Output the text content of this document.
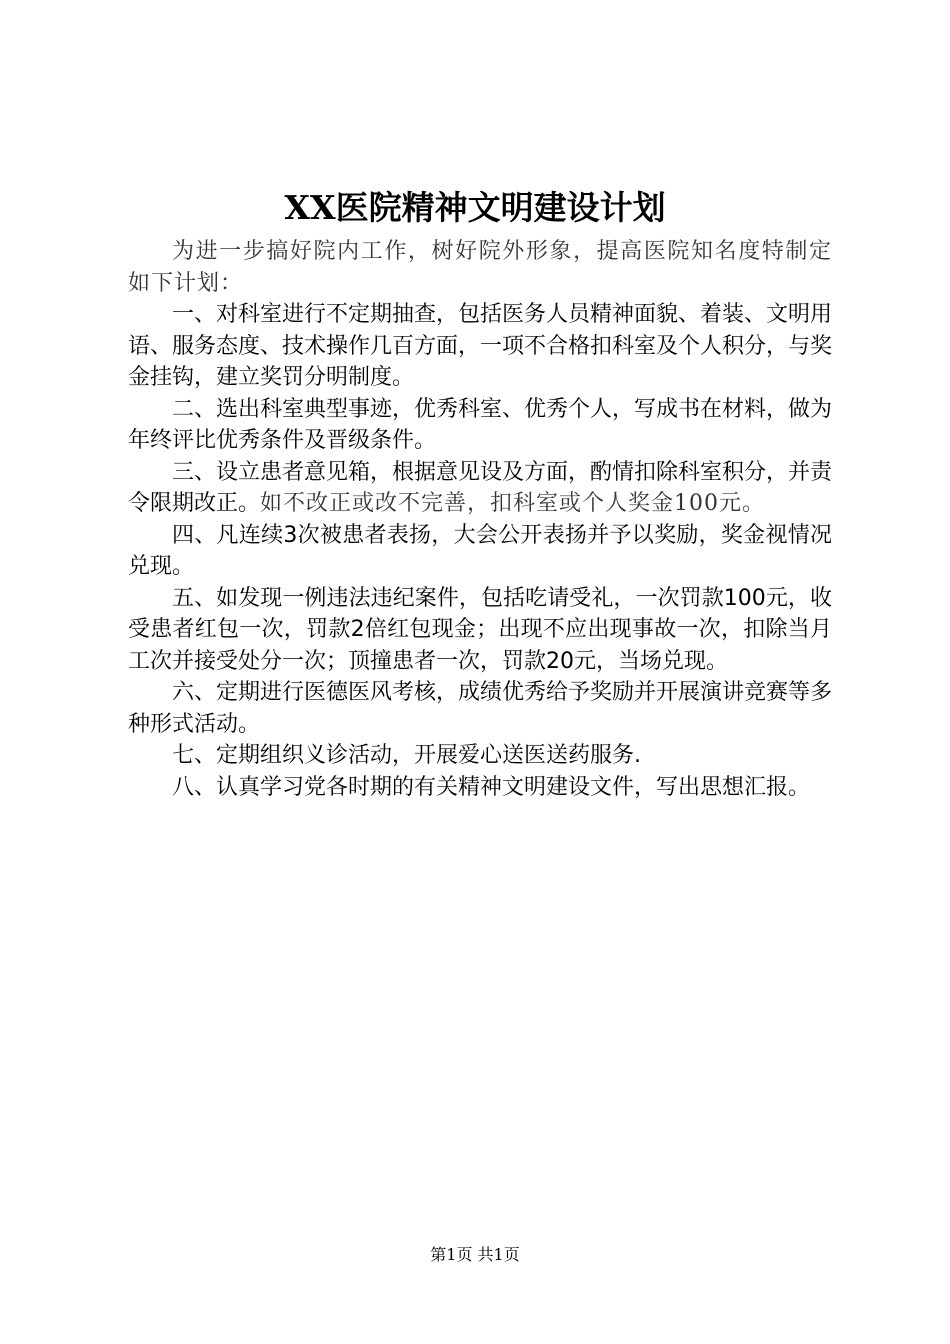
XX医院精神文明建设计划

为进一步搞好院内工作，树好院外形象，提高医院知名度特制定如下计划：

一、对科室进行不定期抽查，包括医务人员精神面貌、着装、文明用语、服务态度、技术操作几百方面，一项不合格扣科室及个人积分，与奖金挂钩，建立奖罚分明制度。

二、选出科室典型事迹，优秀科室、优秀个人，写成书在材料，做为年终评比优秀条件及晋级条件。

三、设立患者意见箱，根据意见设及方面，酌情扣除科室积分，并责令限期改正。如不改正或改不完善，扣科室或个人奖金100元。

四、凡连续3次被患者表扬，大会公开表扬并予以奖励，奖金视情况兑现。

五、如发现一例违法违纪案件，包括吃请受礼，一次罚款100元，收受患者红包一次，罚款2倍红包现金；出现不应出现事故一次，扣除当月工次并接受处分一次；顶撞患者一次，罚款20元，当场兑现。

六、定期进行医德医风考核，成绩优秀给予奖励并开展演讲竞赛等多种形式活动。

七、定期组织义诊活动，开展爱心送医送药服务.

八、认真学习党各时期的有关精神文明建设文件，写出思想汇报。

第1页 共1页
